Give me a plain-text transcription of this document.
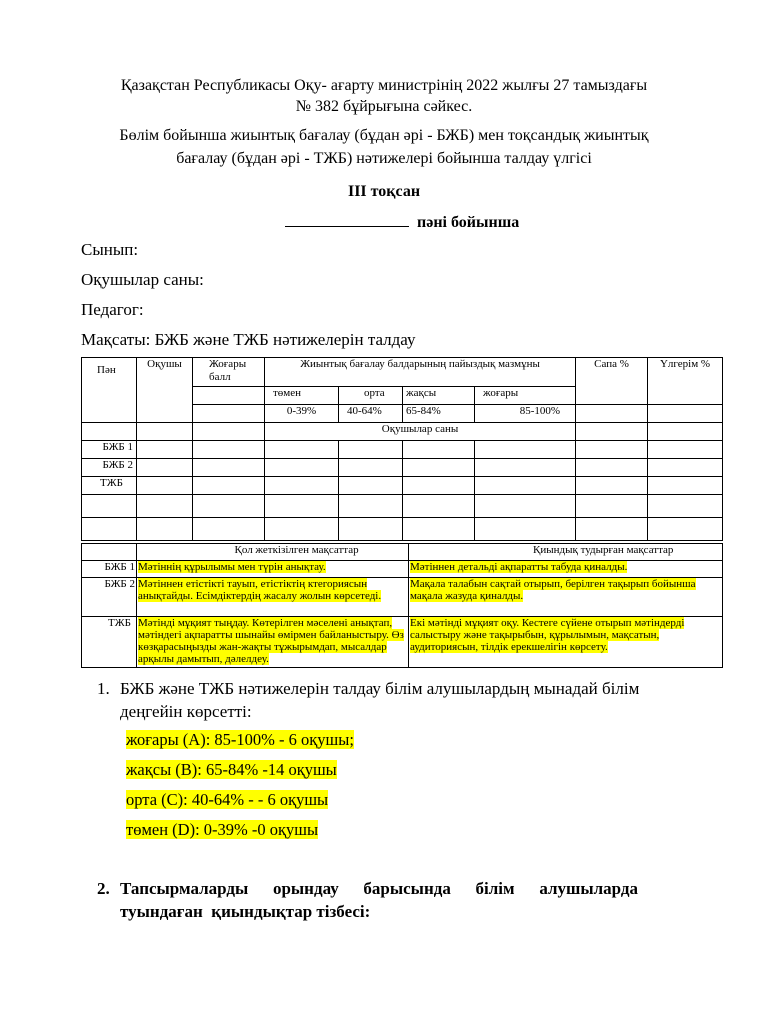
Қазақстан Республикасы Оқу- ағарту министрінің 2022 жылғы 27 тамыздағы
№ 382 бұйрығына сәйкес.
Бөлім бойынша жиынтық бағалау (бұдан әрі - БЖБ) мен тоқсандық жиынтық
бағалау (бұдан әрі - ТЖБ) нәтижелері бойынша талдау үлгісі
ІІІ тоқсан
пәні бойынша
Сынып:
Оқушылар саны:
Педагог:
Мақсаты: БЖБ және ТЖБ нәтижелерін талдау
Пән	Оқушы	Жоғары балл	Жиынтық бағалау балдарының пайыздық мазмұны				Сапа %	Үлгерім %
			төмен	орта	жақсы	жоғары		
			0-39%	40-64%	65-84%	85-100%		
			Оқушылар саны					
БЖБ 1								
БЖБ 2								
ТЖБ								

		Қол жеткізілген мақсаттар	Қиындық тудырған мақсаттар
БЖБ 1	Мәтіннің құрылымы мен түрін анықтау.		Мәтіннен детальді ақпаратты табуда қиналды.
БЖБ 2	Мәтіннен етістікті тауып, етістіктің ктегориясын анықтайды. Есімдіктердің жасалу жолын көрсетеді.		Мақала талабын сақтай отырып, берілген тақырып бойынша мақала жазуда қиналды.
ТЖБ	Мәтінді мұқият тыңдау. Көтерілген мәселені анықтап, мәтіндегі ақпаратты шынайы өмірмен байланыстыру. Өз көзқарасыңызды жан-жақты тұжырымдап, мысалдар арқылы дамытып, дәлелдеу.		Екі мәтінді мұқият оқу. Кестеге сүйене отырып мәтіндерді салыстыру және тақырыбын, құрылымын, мақсатын, аудиториясын, тілдік ерекшелігін көрсету.
1. БЖБ және ТЖБ нәтижелерін талдау білім алушылардың мынадай білім
деңгейін көрсетті:
жоғары (A): 85-100% - 6 оқушы;
жақсы (B): 65-84% -14 оқушы
орта (C): 40-64% - - 6 оқушы
төмен (D): 0-39% -0 оқушы
2. Тапсырмаларды орындау барысында білім алушыларда
туындаған  қиындықтар тізбесі:
